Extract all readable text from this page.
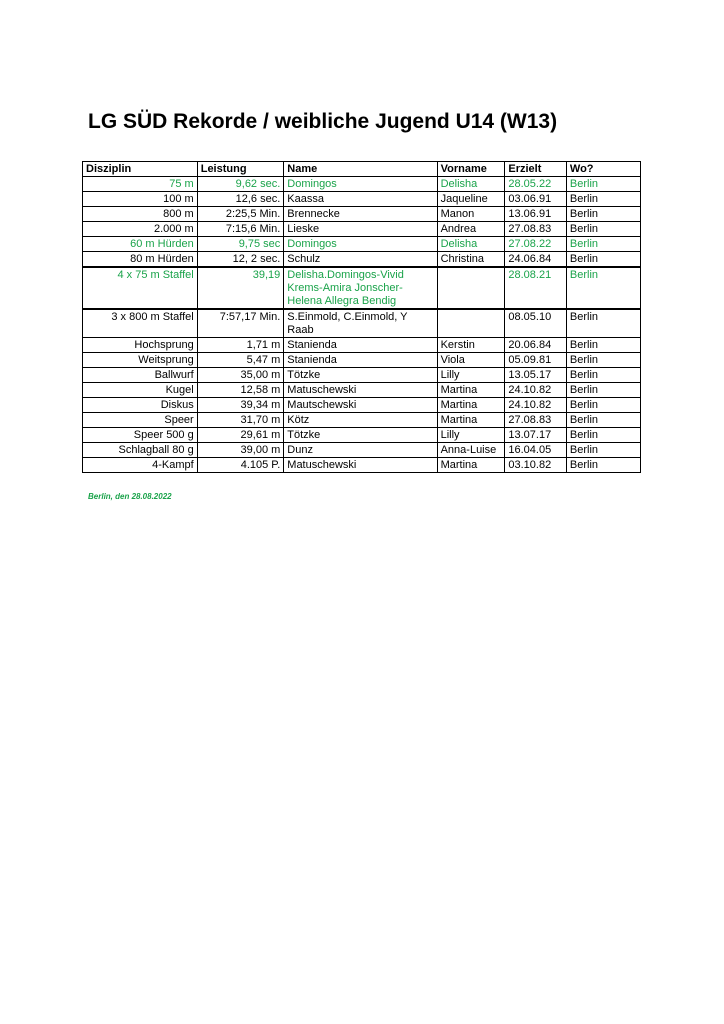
LG SÜD Rekorde / weibliche Jugend U14 (W13)
Disziplin	Leistung	Name	Vorname	Erzielt	Wo?
75 m	9,62 sec.	Domingos	Delisha	28.05.22	Berlin
100 m	12,6 sec.	Kaassa	Jaqueline	03.06.91	Berlin
800 m	2:25,5 Min.	Brennecke	Manon	13.06.91	Berlin
2.000 m	7:15,6 Min.	Lieske	Andrea	27.08.83	Berlin
60 m Hürden	9,75 sec	Domingos	Delisha	27.08.22	Berlin
80 m Hürden	12, 2 sec.	Schulz	Christina	24.06.84	Berlin
4 x 75 m Staffel	39,19	Delisha.Domingos-Vivid Krems-Amira Jonscher-Helena Allegra Bendig		28.08.21	Berlin
3 x 800 m Staffel	7:57,17 Min.	S.Einmold, C.Einmold, Y Raab		08.05.10	Berlin
Hochsprung	1,71 m	Stanienda	Kerstin	20.06.84	Berlin
Weitsprung	5,47 m	Stanienda	Viola	05.09.81	Berlin
Ballwurf	35,00 m	Tötzke	Lilly	13.05.17	Berlin
Kugel	12,58 m	Matuschewski	Martina	24.10.82	Berlin
Diskus	39,34 m	Mautschewski	Martina	24.10.82	Berlin
Speer	31,70 m	Kötz	Martina	27.08.83	Berlin
Speer 500 g	29,61 m	Tötzke	Lilly	13.07.17	Berlin
Schlagball 80 g	39,00 m	Dunz	Anna-Luise	16.04.05	Berlin
4-Kampf	4.105 P.	Matuschewski	Martina	03.10.82	Berlin
Berlin, den 28.08.2022
